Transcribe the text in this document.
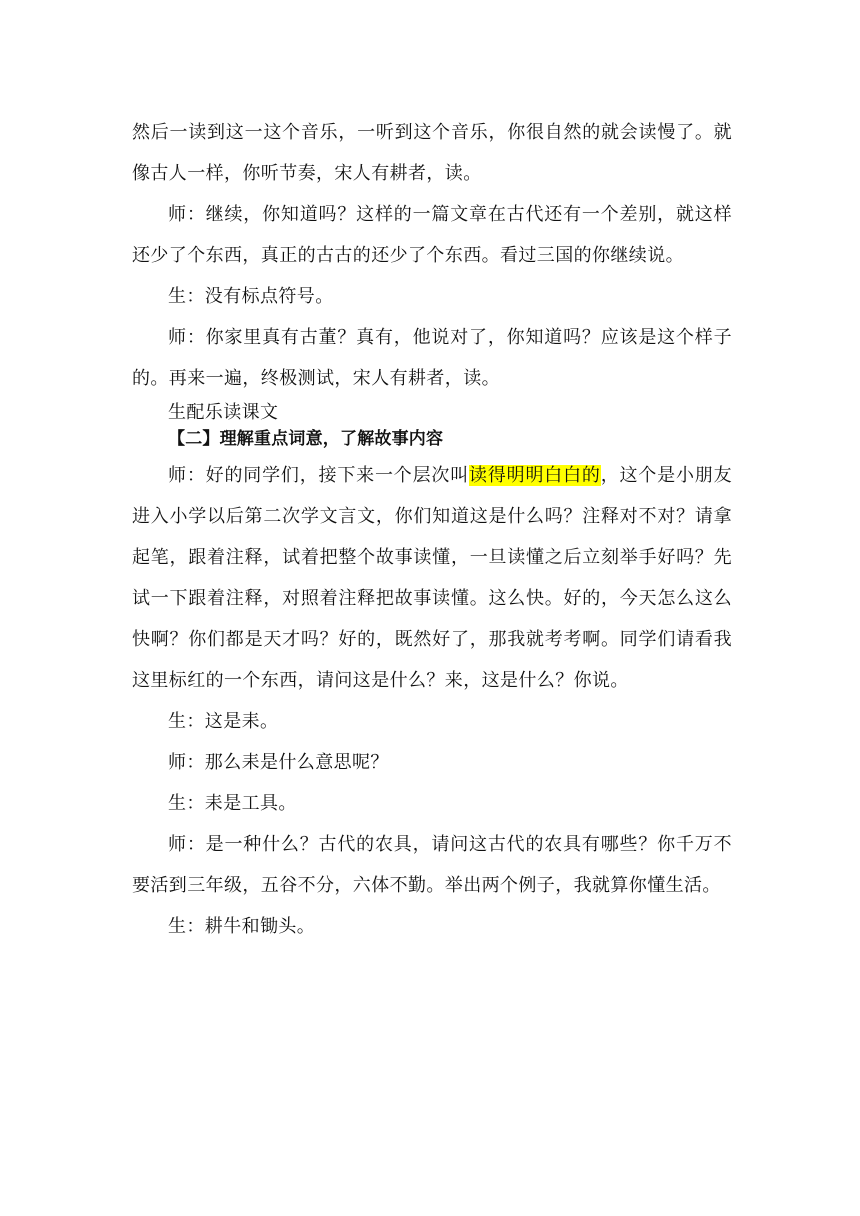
然后一读到这一这个音乐，一听到这个音乐，你很自然的就会读慢了。就像古人一样，你听节奏，宋人有耕者，读。

师：继续，你知道吗？这样的一篇文章在古代还有一个差别，就这样还少了个东西，真正的古古的还少了个东西。看过三国的你继续说。

生：没有标点符号。

师：你家里真有古董？真有，他说对了，你知道吗？应该是这个样子的。再来一遍，终极测试，宋人有耕者，读。

生配乐读课文

【二】理解重点词意，了解故事内容

师：好的同学们，接下来一个层次叫读得明明白白的，这个是小朋友进入小学以后第二次学文言文，你们知道这是什么吗？注释对不对？请拿起笔，跟着注释，试着把整个故事读懂，一旦读懂之后立刻举手好吗？先试一下跟着注释，对照着注释把故事读懂。这么快。好的，今天怎么这么快啊？你们都是天才吗？好的，既然好了，那我就考考啊。同学们请看我这里标红的一个东西，请问这是什么？来，这是什么？你说。

生：这是耒。

师：那么耒是什么意思呢？

生：耒是工具。

师：是一种什么？古代的农具，请问这古代的农具有哪些？你千万不要活到三年级，五谷不分，六体不勤。举出两个例子，我就算你懂生活。

生：耕牛和锄头。
